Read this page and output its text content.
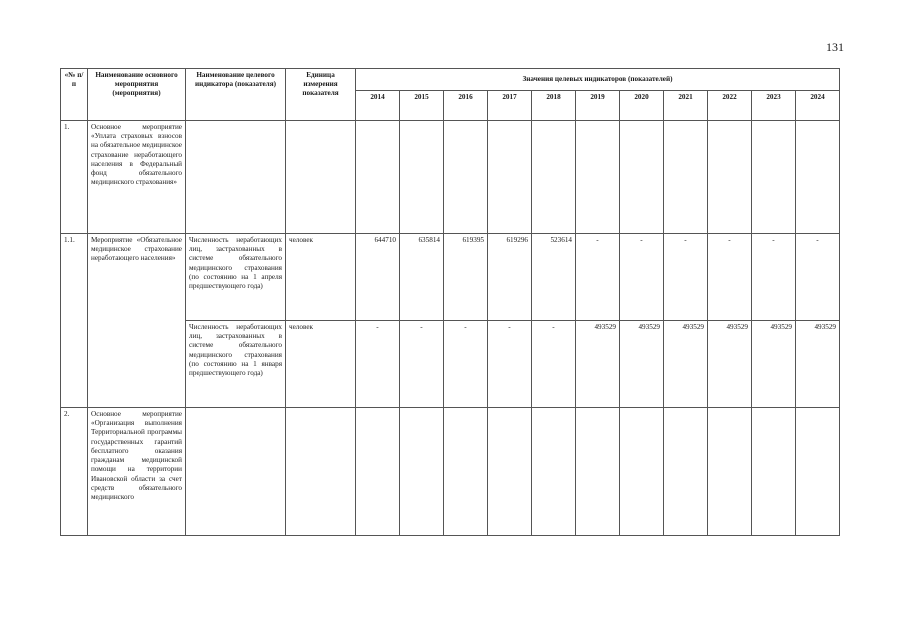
131
«№ п/п	Наименование основного мероприятия (мероприятия)	Наименование целевого индикатора (показателя)	Единица измерения показателя	Значения целевых индикаторов (показателей)										
				2014	2015	2016	2017	2018	2019	2020	2021	2022	2023	2024
1.	Основное мероприятие «Уплата страховых взносов на обязательное медицинское страхование неработающего населения в Федеральный фонд обязательного медицинского страхования»													
1.1.	Мероприятие «Обязательное медицинское страхование неработающего населения»	Численность неработающих лиц, застрахованных в системе обязательного медицинского страхования (по состоянию на 1 апреля предшествующего года)	человек	644710	635814	619395	619296	523614	-	-	-	-	-	-
		Численность неработающих лиц, застрахованных в системе обязательного медицинского страхования (по состоянию на 1 января предшествующего года)	человек	-	-	-	-	-	493529	493529	493529	493529	493529	493529
2.	Основное мероприятие «Организация выполнения Территориальной программы государственных гарантий бесплатного оказания гражданам медицинской помощи на территории Ивановской области за счет средств обязательного медицинского													
